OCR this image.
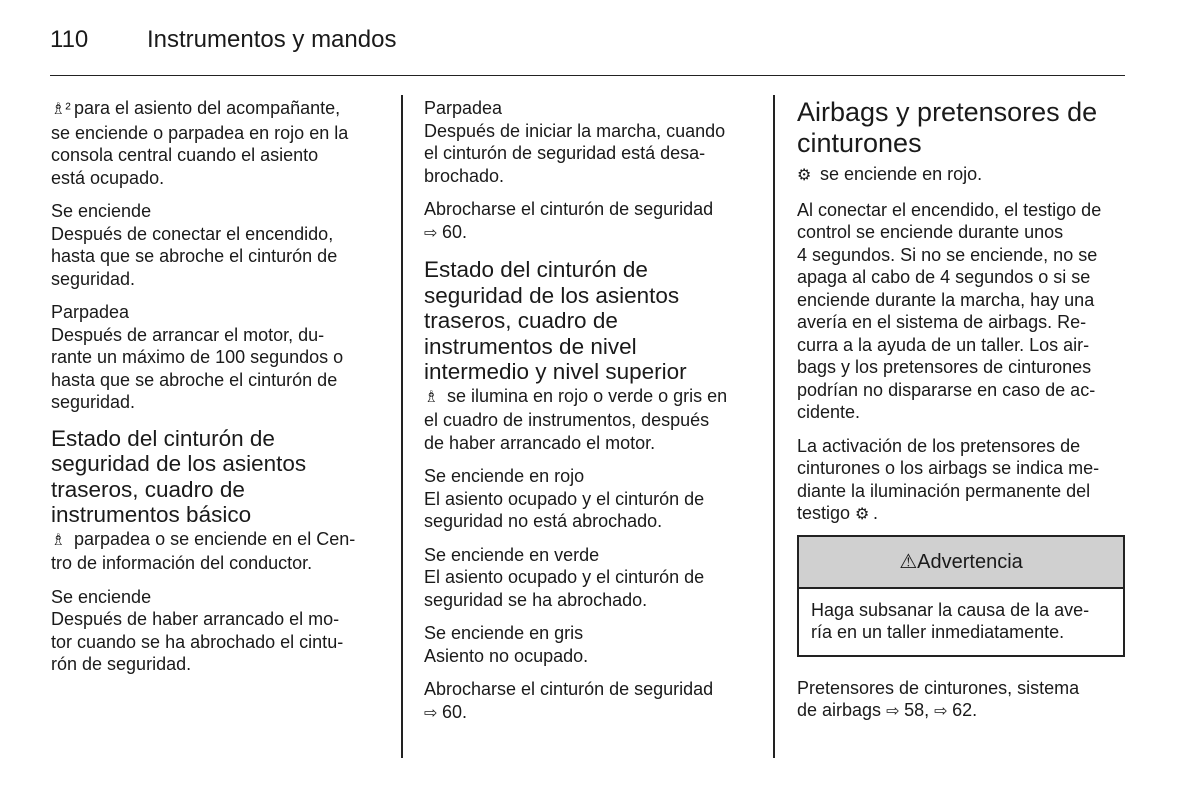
110 Instrumentos y mandos

♗² para el asiento del acompañante,
se enciende o parpadea en rojo en la
consola central cuando el asiento
está ocupado.

Se enciende

Después de conectar el encendido,
hasta que se abroche el cinturón de
seguridad.

Parpadea

Después de arrancar el motor, du-
rante un máximo de 100 segundos o
hasta que se abroche el cinturón de
seguridad.

Estado del cinturón de
seguridad de los asientos
traseros, cuadro de
instrumentos básico

♗ parpadea o se enciende en el Cen-
tro de información del conductor.

Se enciende

Después de haber arrancado el mo-
tor cuando se ha abrochado el cintu-
rón de seguridad.

Parpadea

Después de iniciar la marcha, cuando
el cinturón de seguridad está desa-
brochado.

Abrocharse el cinturón de seguridad
⇨ 60.

Estado del cinturón de
seguridad de los asientos
traseros, cuadro de
instrumentos de nivel
intermedio y nivel superior

♗ se ilumina en rojo o verde o gris en
el cuadro de instrumentos, después
de haber arrancado el motor.

Se enciende en rojo

El asiento ocupado y el cinturón de
seguridad no está abrochado.

Se enciende en verde

El asiento ocupado y el cinturón de
seguridad se ha abrochado.

Se enciende en gris

Asiento no ocupado.

Abrocharse el cinturón de seguridad
⇨ 60.

Airbags y pretensores de
cinturones

⚙ se enciende en rojo.

Al conectar el encendido, el testigo de
control se enciende durante unos
4 segundos. Si no se enciende, no se
apaga al cabo de 4 segundos o si se
enciende durante la marcha, hay una
avería en el sistema de airbags. Re-
curra a la ayuda de un taller. Los air-
bags y los pretensores de cinturones
podrían no dispararse en caso de ac-
cidente.

La activación de los pretensores de
cinturones o los airbags se indica me-
diante la iluminación permanente del
testigo ⚙ .

⚠Advertencia
Haga subsanar la causa de la ave-
ría en un taller inmediatamente.

Pretensores de cinturones, sistema
de airbags ⇨ 58, ⇨ 62.
